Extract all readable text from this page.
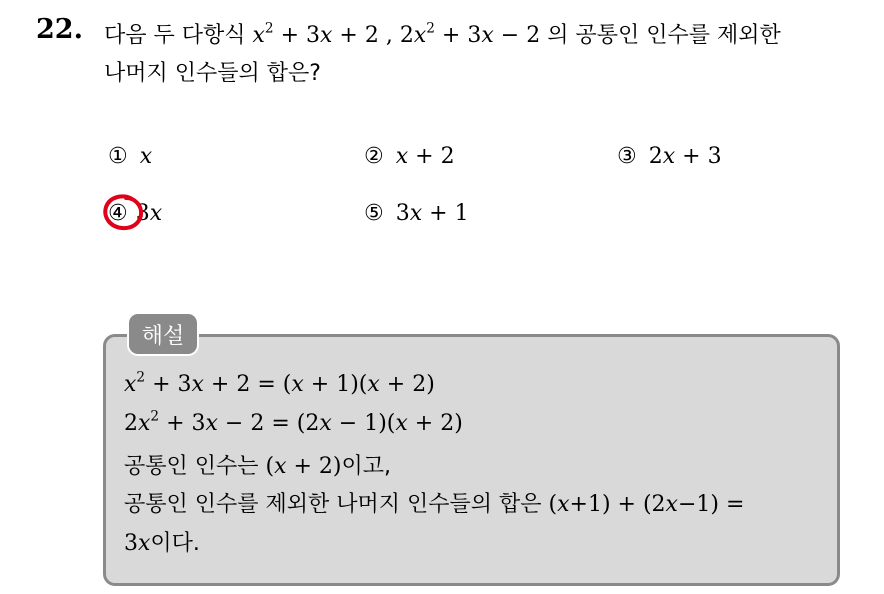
22. 다음 두 다항식 $x^2 + 3x + 2$ , $2x^2 + 3x - 2$ 의 공통인 인수를 제외한
나머지 인수들의 합은?
① x	② x + 2	③ 2x + 3
④ 3x	⑤ 3x + 1
해설
$x^2 + 3x + 2 = (x + 1)(x + 2)$
$2x^2 + 3x - 2 = (2x - 1)(x + 2)$
공통인 인수는 (x + 2)이고,
공통인 인수를 제외한 나머지 인수들의 합은 (x+1) + (2x−1) =
3x이다.
